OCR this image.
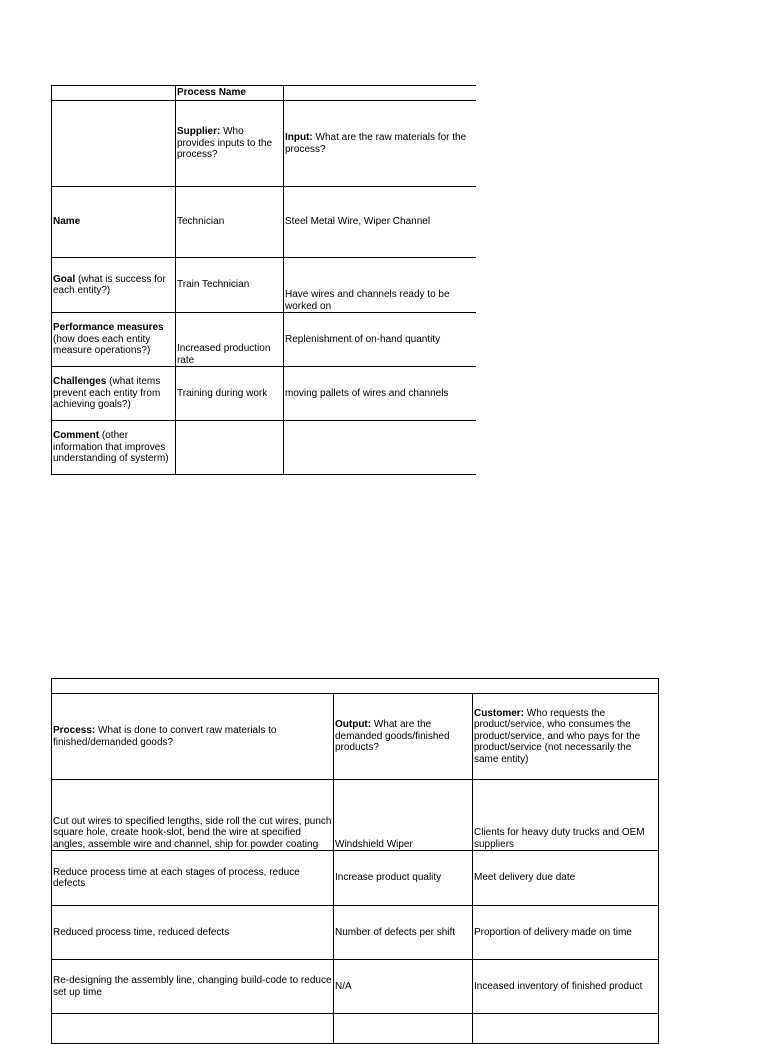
	Process Name	
	Supplier: Who provides inputs to the process?	Input: What are the raw materials for the process?
Name	Technician	Steel Metal Wire, Wiper Channel
Goal (what is success for each entity?)	Train Technician	Have wires and channels ready to be worked on
Performance measures (how does each entity measure operations?)	Increased production rate	Replenishment of on-hand quantity
Challenges (what items prevent each entity from achieving goals?)	Training during work	moving pallets of wires and channels
Comment (other information that improves understanding of systerm)		

Process: What is done to convert raw materials to finished/demanded goods?	Output: What are the demanded goods/finished products?	Customer: Who requests the product/service, who consumes the product/service, and who pays for the product/service (not necessarily the same entity)
Cut out wires to specified lengths, side roll the cut wires, punch square hole, create hook-slot, bend the wire at specified angles, assemble wire and channel, ship for powder coating	Windshield Wiper	Clients for heavy duty trucks and OEM suppliers
Reduce process time at each stages of process, reduce defects	Increase product quality	Meet delivery due date
Reduced process time, reduced defects	Number of defects per shift	Proportion of delivery made on time
Re-designing the assembly line, changing build-code to reduce set up time	N/A	Inceased inventory of finished product
